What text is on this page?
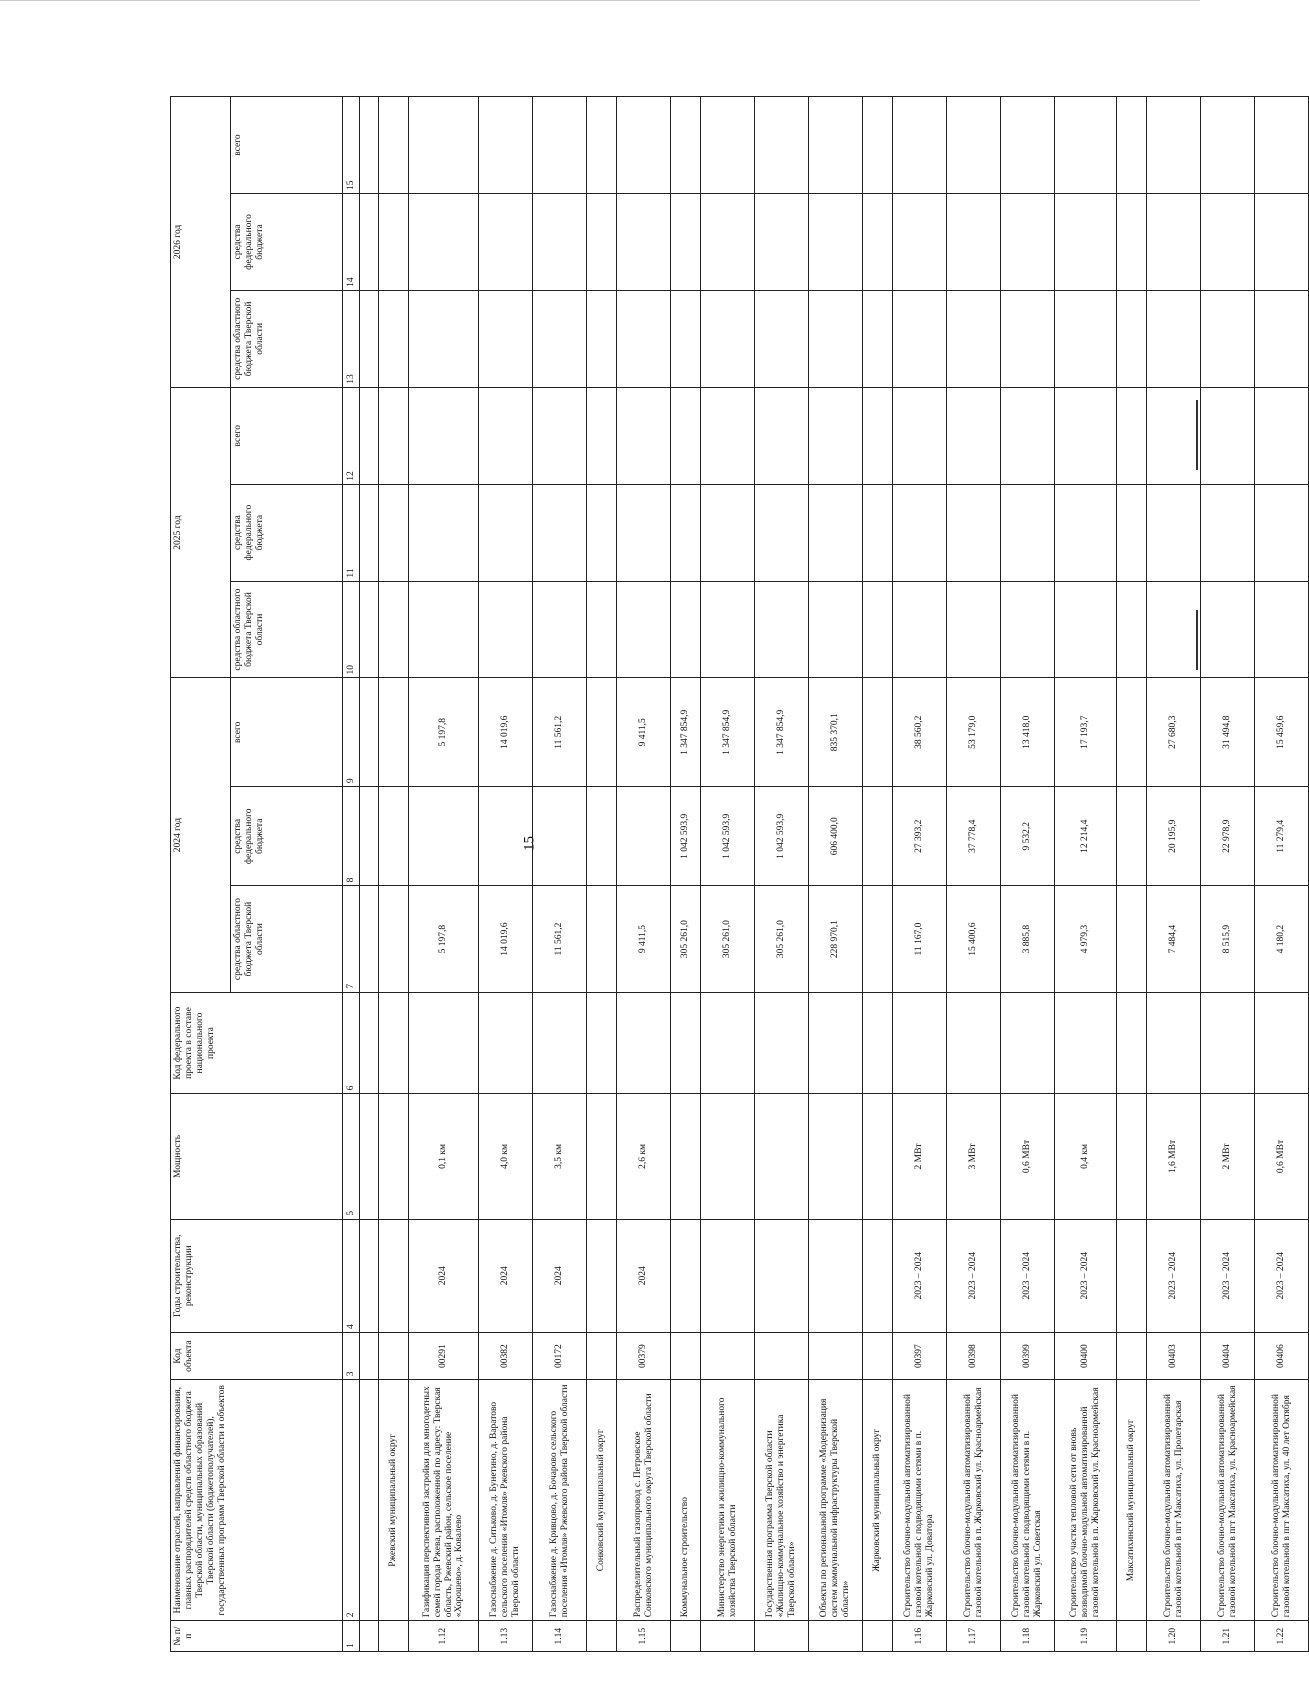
15
№ п/п	Наименование отраслей, направлений финансирования, главных распорядителей средств областного бюджета Тверской области, муниципальных образований Тверской области (бюджетополучателей), государственных программ Тверской области и объектов	Код объекта	Годы строительства, реконструкции	Мощность	Код федерального проекта в составе национального проекта	2024 год			2025 год			2026 год		
						средства областного бюджета Тверской области	средства федерального бюджета	всего	средства областного бюджета Тверской области	средства федерального бюджета	всего	средства областного бюджета Тверской области	средства федерального бюджета	всего
1	2	3	4	5	6	7	8	9	10	11	12	13	14	15

	Ржевский муниципальный округ													
1.12	Газификация перспективной застройки для многодетных семей города Ржева, расположенной по адресу: Тверская область, Ржевский район, сельское поселение «Хорошево», д. Ковалево	00291	2024	0,1 км		5 197,8		5 197,8						
1.13	Газоснабжение д. Ситьково, д. Бунетино, д. Варатово сельского поселения «Итомля» Ржевского района Тверской области	00382	2024	4,0 км		14 019,6		14 019,6						
1.14	Газоснабжение д. Кривцово, д. Бочарово сельского поселения «Итомля» Ржевского района Тверской области	00172	2024	3,5 км		11 561,2		11 561,2						
	Сонковский муниципальный округ													
1.15	Распределительный газопровод с. Петровское Сонковского муниципального округа Тверской области	00379	2024	2,6 км		9 411,5		9 411,5						
	Коммунальное строительство					305 261,0	1 042 593,9	1 347 854,9						
	Министерство энергетики и жилищно-коммунального хозяйства Тверской области					305 261,0	1 042 593,9	1 347 854,9						
	Государственная программа Тверской области «Жилищно-коммунальное хозяйство и энергетика Тверской области»					305 261,0	1 042 593,9	1 347 854,9						
	Объекты по региональной программе «Модернизация систем коммунальной инфраструктуры Тверской области»					228 970,1	606 400,0	835 370,1						
	Жарковский муниципальный округ													
1.16	Строительство блочно-модульной автоматизированной газовой котельной с подводящими сетями в п. Жарковский ул. Доватора	00397	2023 – 2024	2 МВт		11 167,0	27 393,2	38 560,2						
1.17	Строительство блочно-модульной автоматизированной газовой котельной в п. Жарковский ул. Красноармейская	00398	2023 – 2024	3 МВт		15 400,6	37 778,4	53 179,0						
1.18	Строительство блочно-модульной автоматизированной газовой котельной с подводящими сетями в п. Жарковский ул. Советская	00399	2023 – 2024	0,6 МВт		3 885,8	9 532,2	13 418,0						
1.19	Строительство участка тепловой сети от вновь возводимой блочно-модульной автоматизированной газовой котельной в п. Жарковский ул. Красноармейская	00400	2023 – 2024	0,4 км		4 979,3	12 214,4	17 193,7						
	Максатихинский муниципальный округ													
1.20	Строительство блочно-модульной автоматизированной газовой котельной в пгт Максатиха, ул. Пролетарская	00403	2023 – 2024	1,6 МВт		7 484,4	20 195,9	27 680,3						
1.21	Строительство блочно-модульной автоматизированной газовой котельной в пгт Максатиха, ул. Красноармейская	00404	2023 – 2024	2 МВт		8 515,9	22 978,9	31 494,8						
1.22	Строительство блочно-модульной автоматизированной газовой котельной в пгт Максатиха, ул. 40 лет Октября	00406	2023 – 2024	0,6 МВт		4 180,2	11 279,4	15 459,6						
